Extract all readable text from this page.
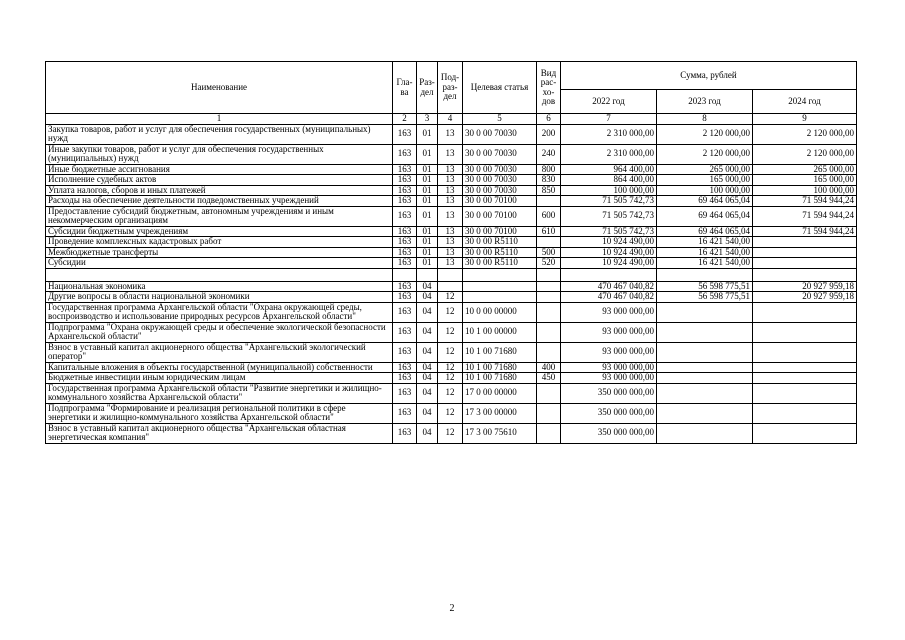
Наименование	Гла-ва	Раз-дел	Под-раз-дел	Целевая статья	Вид рас-хо-дов	Сумма, рублей		
						2022 год	2023 год	2024 год
1	2	3	4	5	6	7	8	9
Закупка товаров, работ и услуг для обеспечения государственных (муниципальных) нужд	163	01	13	30 0 00 70030	200	2 310 000,00	2 120 000,00	2 120 000,00
Иные закупки товаров, работ и услуг для обеспечения государственных (муниципальных) нужд	163	01	13	30 0 00 70030	240	2 310 000,00	2 120 000,00	2 120 000,00
Иные бюджетные ассигнования	163	01	13	30 0 00 70030	800	964 400,00	265 000,00	265 000,00
Исполнение судебных актов	163	01	13	30 0 00 70030	830	864 400,00	165 000,00	165 000,00
Уплата налогов, сборов и иных платежей	163	01	13	30 0 00 70030	850	100 000,00	100 000,00	100 000,00
Расходы на обеспечение деятельности подведомственных учреждений	163	01	13	30 0 00 70100		71 505 742,73	69 464 065,04	71 594 944,24
Предоставление субсидий бюджетным, автономным учреждениям и иным некоммерческим организациям	163	01	13	30 0 00 70100	600	71 505 742,73	69 464 065,04	71 594 944,24
Субсидии бюджетным учреждениям	163	01	13	30 0 00 70100	610	71 505 742,73	69 464 065,04	71 594 944,24
Проведение комплексных кадастровых работ	163	01	13	30 0 00 R5110		10 924 490,00	16 421 540,00	
Межбюджетные трансферты	163	01	13	30 0 00 R5110	500	10 924 490,00	16 421 540,00	
Субсидии	163	01	13	30 0 00 R5110	520	10 924 490,00	16 421 540,00	

Национальная экономика	163	04				470 467 040,82	56 598 775,51	20 927 959,18
Другие вопросы в области национальной экономики	163	04	12			470 467 040,82	56 598 775,51	20 927 959,18
Государственная программа Архангельской области "Охрана окружающей среды, воспроизводство и использование природных ресурсов Архангельской области"	163	04	12	10 0 00 00000		93 000 000,00		
Подпрограмма "Охрана окружающей среды и обеспечение экологической безопасности Архангельской области"	163	04	12	10 1 00 00000		93 000 000,00		
Взнос в уставный капитал акционерного общества "Архангельский экологический оператор"	163	04	12	10 1 00 71680		93 000 000,00		
Капитальные вложения в объекты государственной (муниципальной) собственности	163	04	12	10 1 00 71680	400	93 000 000,00		
Бюджетные инвестиции иным юридическим лицам	163	04	12	10 1 00 71680	450	93 000 000,00		
Государственная программа Архангельской области "Развитие энергетики и жилищно-коммунального хозяйства Архангельской области"	163	04	12	17 0 00 00000		350 000 000,00		
Подпрограмма "Формирование и реализация региональной политики в сфере энергетики и жилищно-коммунального хозяйства Архангельской области"	163	04	12	17 3 00 00000		350 000 000,00		
Взнос в уставный капитал акционерного общества "Архангельская областная энергетическая компания"	163	04	12	17 3 00 75610		350 000 000,00		
2
